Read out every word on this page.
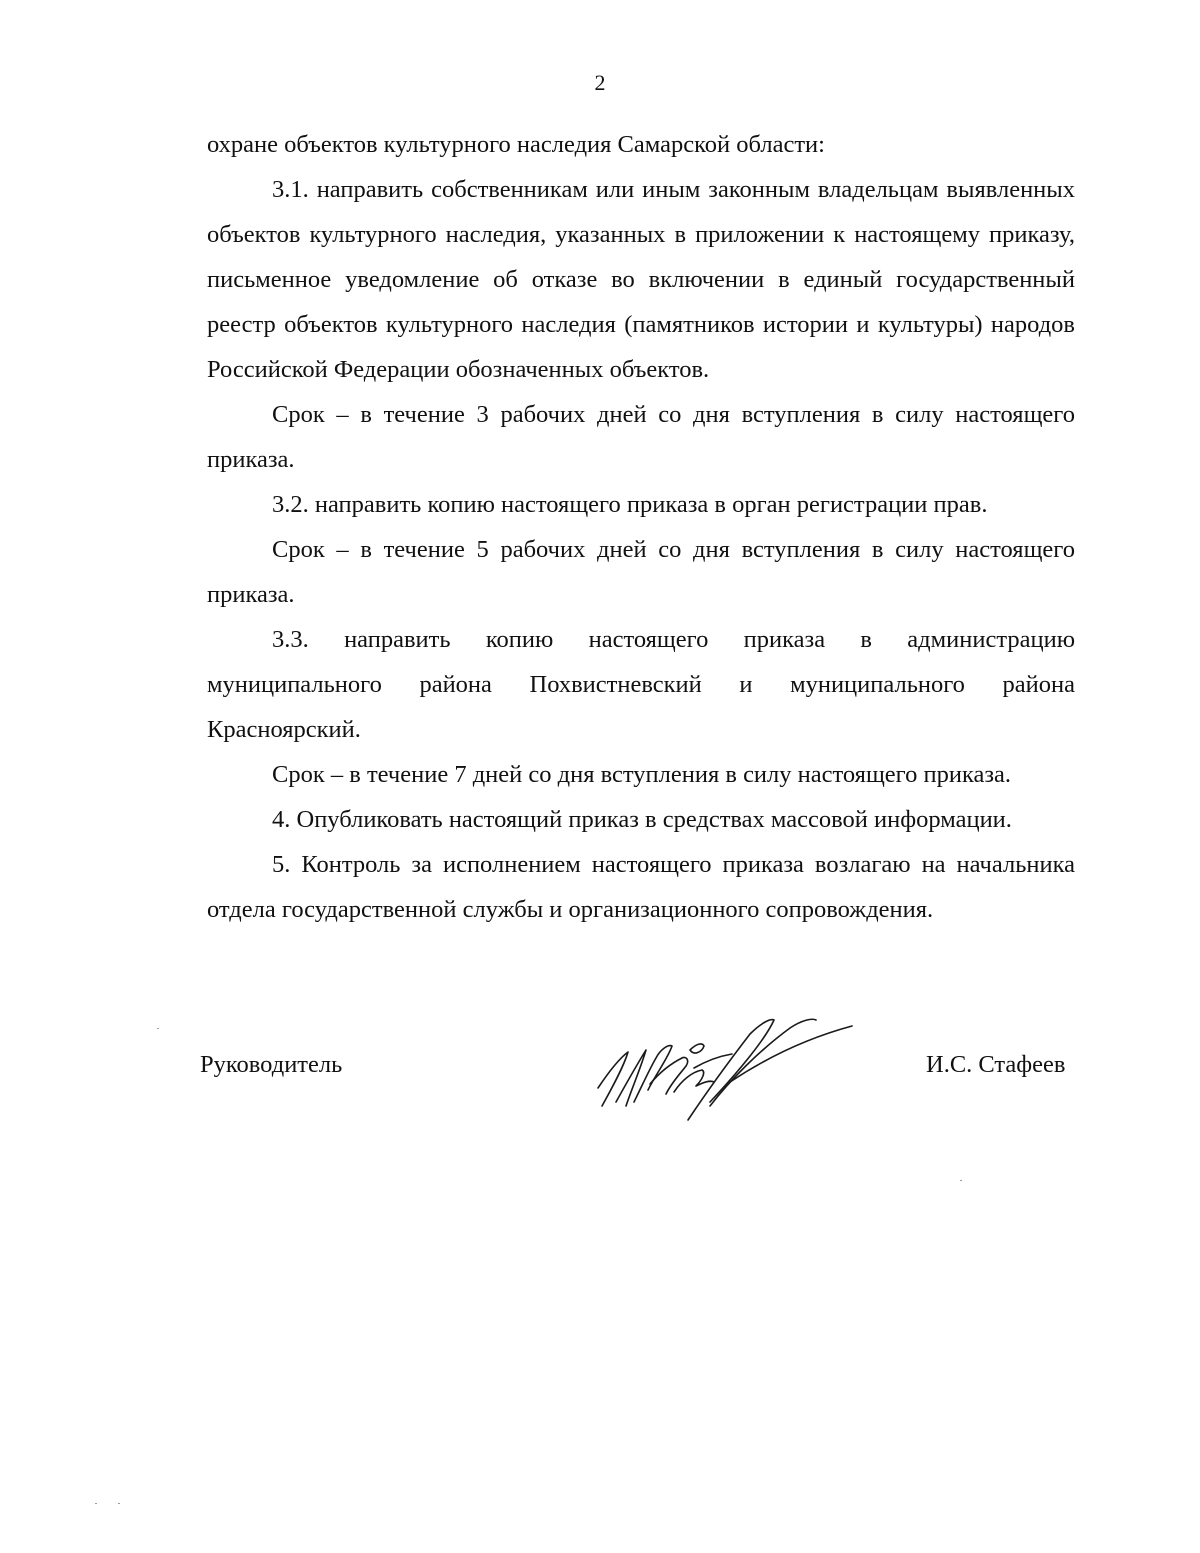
2

охране объектов культурного наследия Самарской области:

3.1. направить собственникам или иным законным владельцам выявленных объектов культурного наследия, указанных в приложении к настоящему приказу, письменное уведомление об отказе во включении в единый государственный реестр объектов культурного наследия (памятников истории и культуры) народов Российской Федерации обозначенных объектов.

Срок – в течение 3 рабочих дней со дня вступления в силу настоящего приказа.

3.2. направить копию настоящего приказа в орган регистрации прав.

Срок – в течение 5 рабочих дней со дня вступления в силу настоящего приказа.

3.3. направить копию настоящего приказа в администрацию муниципального района Похвистневский и муниципального района Красноярский.

Срок – в течение 7 дней со дня вступления в силу настоящего приказа.

4. Опубликовать настоящий приказ в средствах массовой информации.

5. Контроль за исполнением настоящего приказа возлагаю на начальника отдела государственной службы и организационного сопровождения.

Руководитель	И.С. Стафеев
